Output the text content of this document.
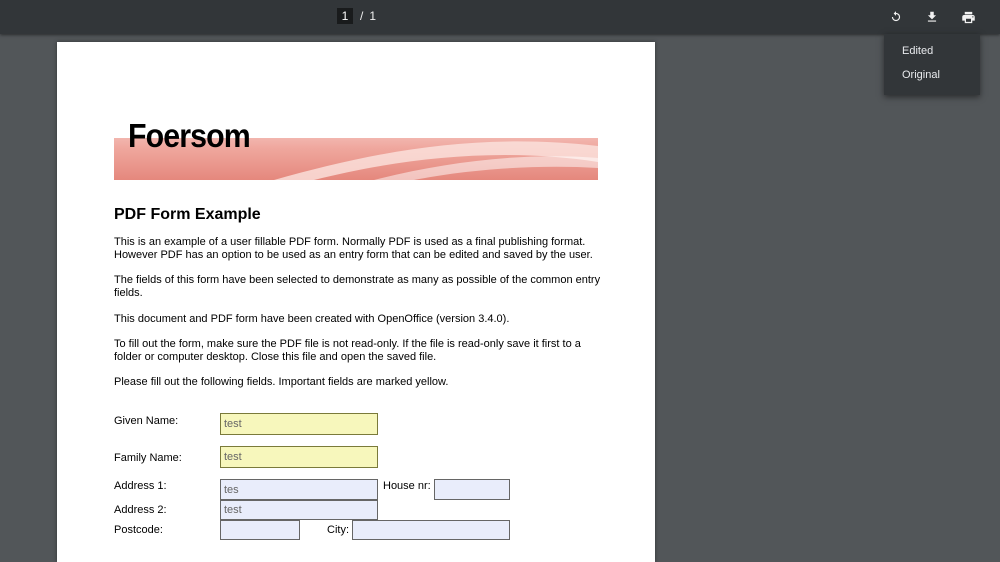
1 / 1
Edited
Original
Foersom
PDF Form Example
This is an example of a user fillable PDF form. Normally PDF is used as a final publishing format. However PDF has an option to be used as an entry form that can be edited and saved by the user.
The fields of this form have been selected to demonstrate as many as possible of the common entry fields.
This document and PDF form have been created with OpenOffice (version 3.4.0).
To fill out the form, make sure the PDF file is not read-only. If the file is read-only save it first to a folder or computer desktop. Close this file and open the saved file.
Please fill out the following fields. Important fields are marked yellow.
Given Name:
test
Family Name:
test
Address 1:
tes	House nr:
Address 2:
test
Postcode:	City:
